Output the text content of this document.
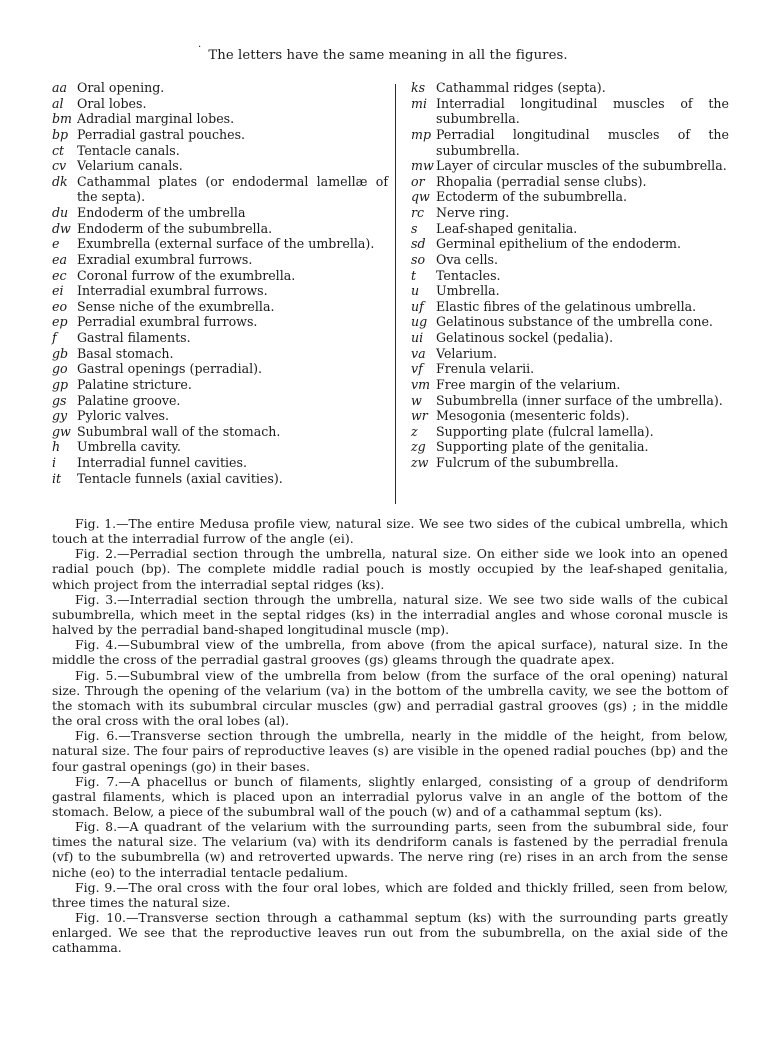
·
The letters have the same meaning in all the figures.
aa Oral opening.
al Oral lobes.
bm Adradial marginal lobes.
bp Perradial gastral pouches.
ct Tentacle canals.
cv Velarium canals.
dk Cathammal plates (or endodermal lamellæ of the septa).
du Endoderm of the umbrella
dw Endoderm of the subumbrella.
e Exumbrella (external surface of the umbrella).
ea Exradial exumbral furrows.
ec Coronal furrow of the exumbrella.
ei Interradial exumbral furrows.
eo Sense niche of the exumbrella.
ep Perradial exumbral furrows.
f Gastral filaments.
gb Basal stomach.
go Gastral openings (perradial).
gp Palatine stricture.
gs Palatine groove.
gy Pyloric valves.
gw Subumbral wall of the stomach.
h Umbrella cavity.
i Interradial funnel cavities.
it Tentacle funnels (axial cavities).
ks Cathammal ridges (septa).
mi Interradial longitudinal muscles of the subumbrella.
mp Perradial longitudinal muscles of the subumbrella.
mw Layer of circular muscles of the subumbrella.
or Rhopalia (perradial sense clubs).
qw Ectoderm of the subumbrella.
rc Nerve ring.
s Leaf-shaped genitalia.
sd Germinal epithelium of the endoderm.
so Ova cells.
t Tentacles.
u Umbrella.
uf Elastic fibres of the gelatinous umbrella.
ug Gelatinous substance of the umbrella cone.
ui Gelatinous sockel (pedalia).
va Velarium.
vf Frenula velarii.
vm Free margin of the velarium.
w Subumbrella (inner surface of the umbrella).
wr Mesogonia (mesenteric folds).
z Supporting plate (fulcral lamella).
zg Supporting plate of the genitalia.
zw Fulcrum of the subumbrella.

Fig. 1.—The entire Medusa profile view, natural size. We see two sides of the cubical umbrella, which touch at the interradial furrow of the angle (ei).

Fig. 2.—Perradial section through the umbrella, natural size. On either side we look into an opened radial pouch (bp). The complete middle radial pouch is mostly occupied by the leaf-shaped genitalia, which project from the interradial septal ridges (ks).

Fig. 3.—Interradial section through the umbrella, natural size. We see two side walls of the cubical subumbrella, which meet in the septal ridges (ks) in the interradial angles and whose coronal muscle is halved by the perradial band-shaped longitudinal muscle (mp).

Fig. 4.—Subumbral view of the umbrella, from above (from the apical surface), natural size. In the middle the cross of the perradial gastral grooves (gs) gleams through the quadrate apex.

Fig. 5.—Subumbral view of the umbrella from below (from the surface of the oral opening) natural size. Through the opening of the velarium (va) in the bottom of the umbrella cavity, we see the bottom of the stomach with its subumbral circular muscles (gw) and perradial gastral grooves (gs) ; in the middle the oral cross with the oral lobes (al).

Fig. 6.—Transverse section through the umbrella, nearly in the middle of the height, from below, natural size. The four pairs of reproductive leaves (s) are visible in the opened radial pouches (bp) and the four gastral openings (go) in their bases.

Fig. 7.—A phacellus or bunch of filaments, slightly enlarged, consisting of a group of dendriform gastral filaments, which is placed upon an interradial pylorus valve in an angle of the bottom of the stomach. Below, a piece of the subumbral wall of the pouch (w) and of a cathammal septum (ks).

Fig. 8.—A quadrant of the velarium with the surrounding parts, seen from the subumbral side, four times the natural size. The velarium (va) with its dendriform canals is fastened by the perradial frenula (vf) to the subumbrella (w) and retroverted upwards. The nerve ring (re) rises in an arch from the sense niche (eo) to the interradial tentacle pedalium.

Fig. 9.—The oral cross with the four oral lobes, which are folded and thickly frilled, seen from below, three times the natural size.

Fig. 10.—Transverse section through a cathammal septum (ks) with the surrounding parts greatly enlarged. We see that the reproductive leaves run out from the subumbrella, on the axial side of the cathamma.
